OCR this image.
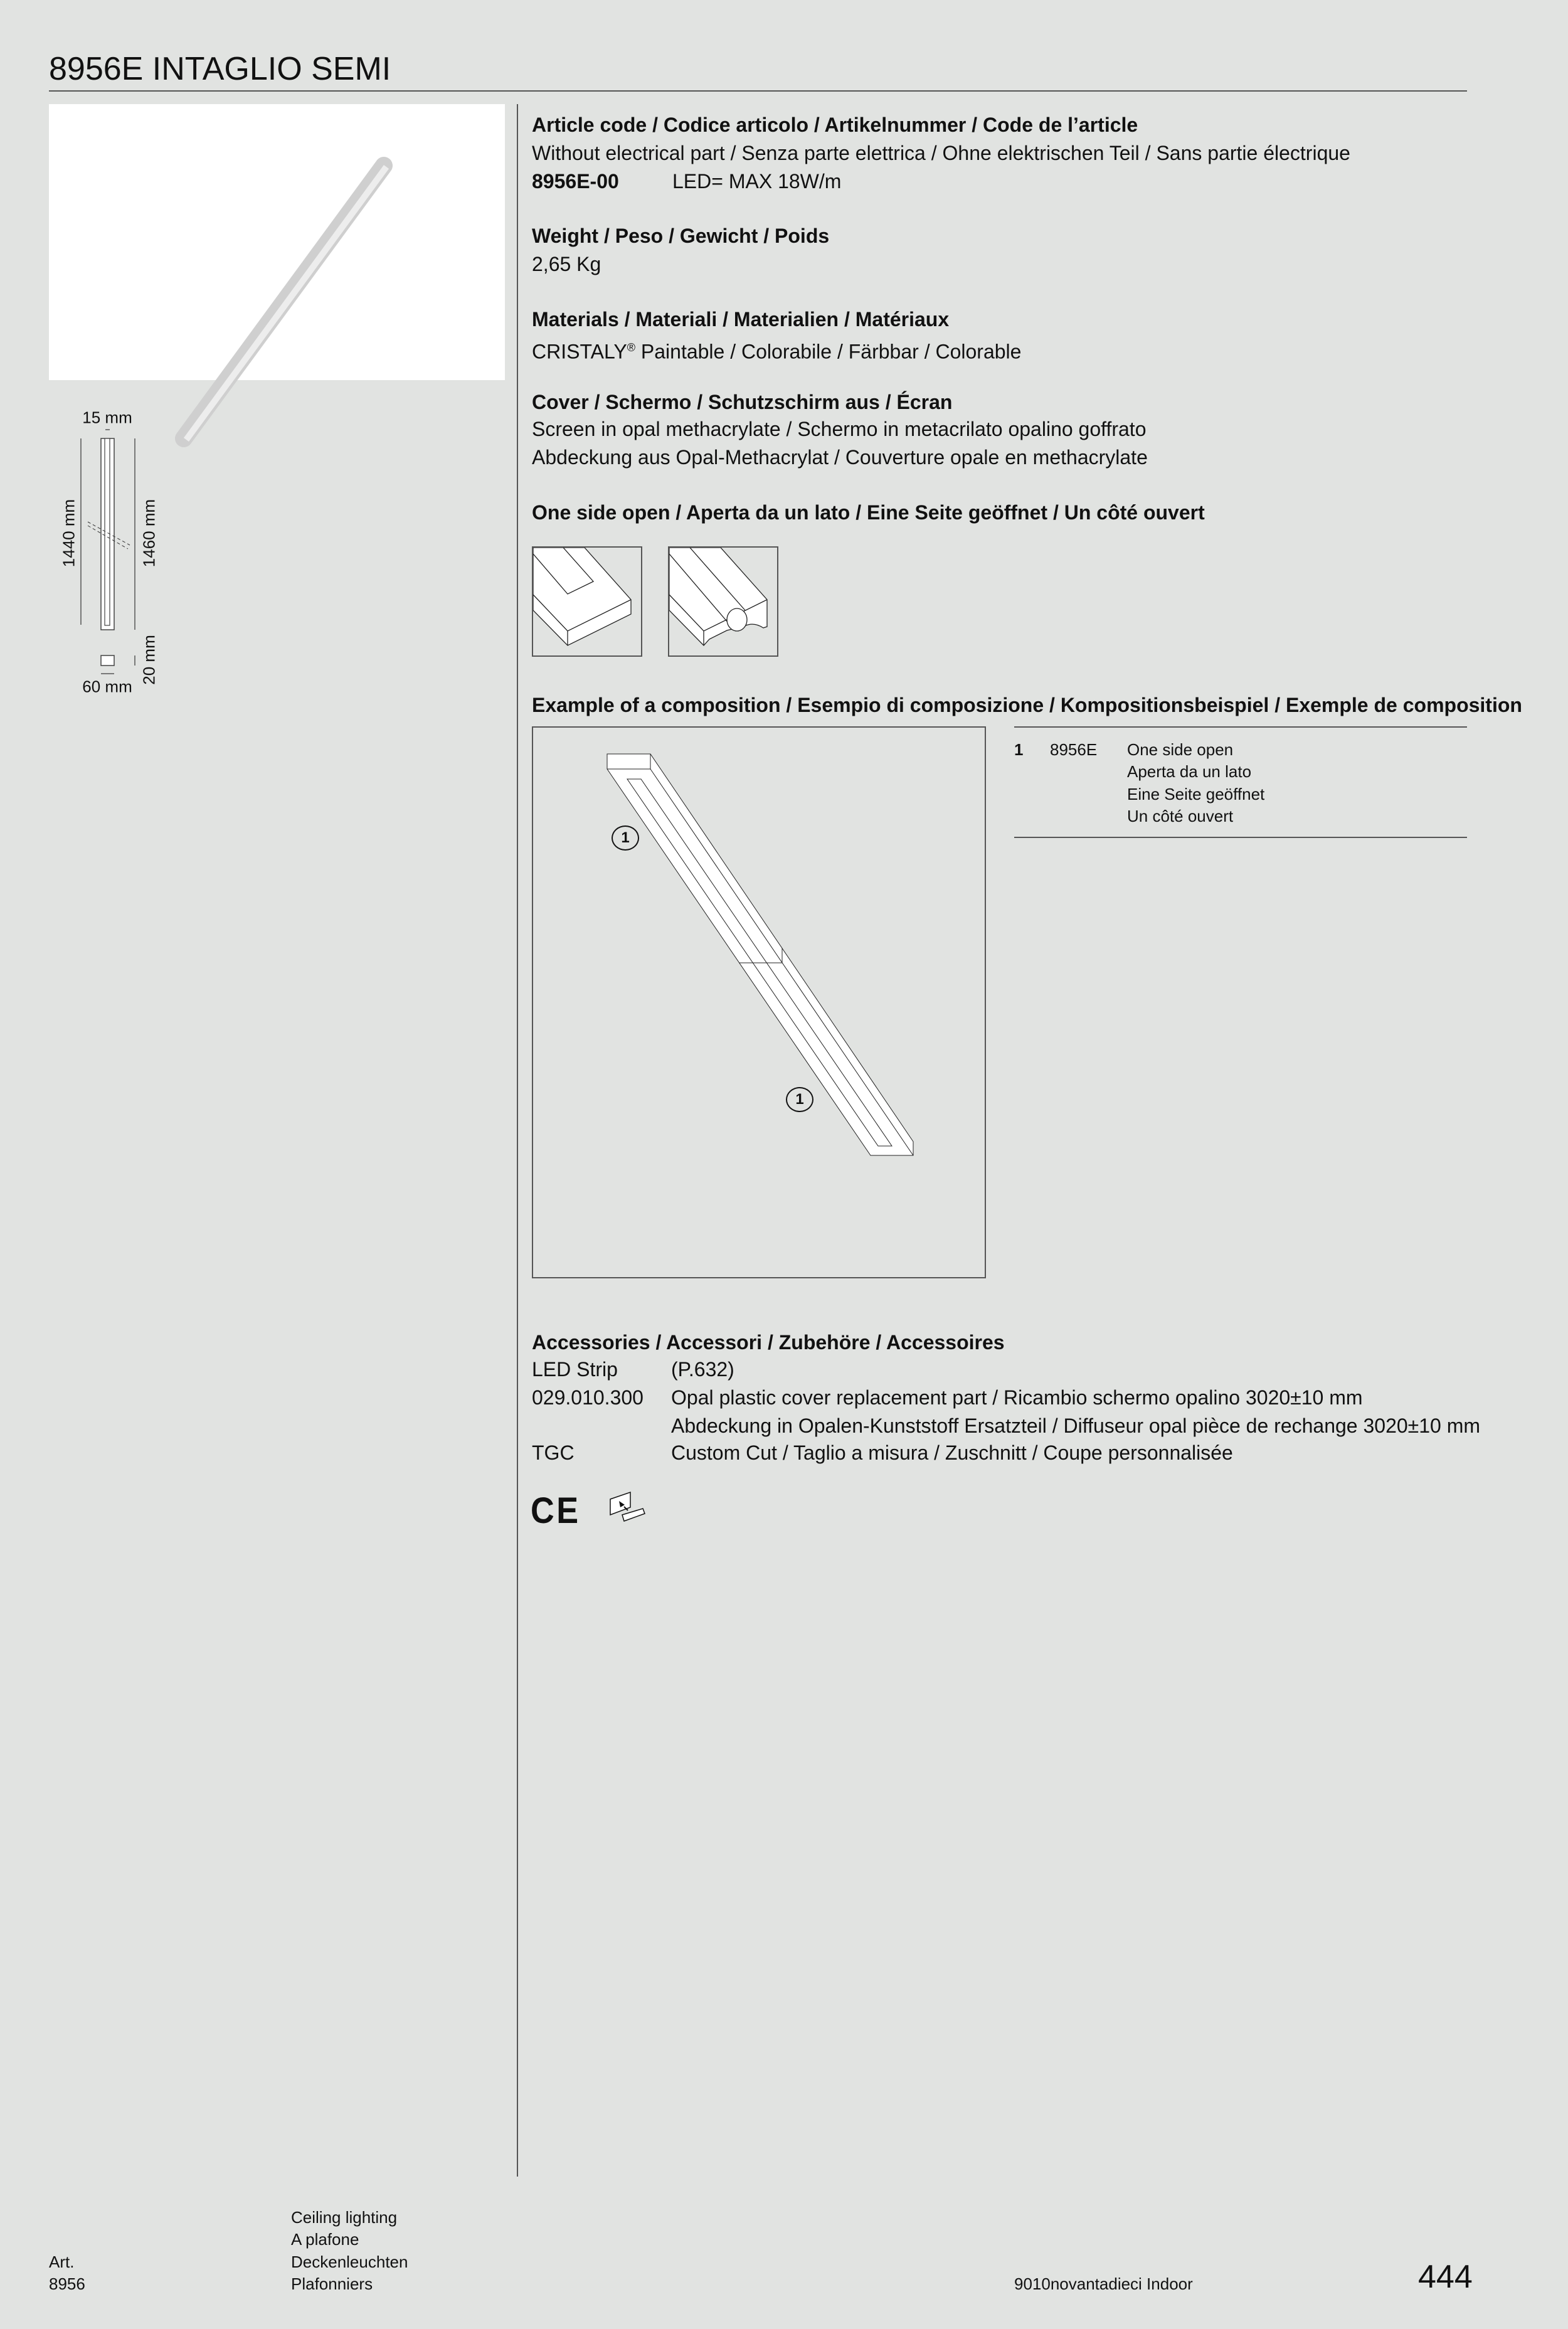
8956E INTAGLIO SEMI
15 mm
1440 mm	1460 mm
20 mm
60 mm
Article code / Codice articolo / Artikelnummer / Code de l’article
Without electrical part / Senza parte elettrica / Ohne elektrischen Teil / Sans partie électrique
8956E-00	LED= MAX 18W/m
Weight / Peso / Gewicht / Poids
2,65 Kg
Materials / Materiali / Materialien / Matériaux
CRISTALY® Paintable / Colorabile / Färbbar / Colorable
Cover / Schermo / Schutzschirm aus / Écran
Screen in opal methacrylate / Schermo in metacrilato opalino goffrato
Abdeckung aus Opal-Methacrylat / Couverture opale en methacrylate
One side open / Aperta da un lato / Eine Seite geöffnet / Un côté ouvert
Example of a composition / Esempio di composizione / Kompositionsbeispiel / Exemple de composition
1
1
1 8956E One side open
Aperta da un lato
Eine Seite geöffnet
Un côté ouvert
Accessories / Accessori / Zubehöre / Accessoires
LED Strip	(P.632)
029.010.300 Opal plastic cover replacement part / Ricambio schermo opalino 3020±10 mm
Abdeckung in Opalen-Kunststoff Ersatzteil / Diffuseur opal pièce de rechange 3020±10 mm
TGC	Custom Cut / Taglio a misura / Zuschnitt / Coupe personnalisée
CE
Ceiling lighting
A plafone
Deckenleuchten
Plafonniers
Art.
8956	9010novantadieci Indoor	444
